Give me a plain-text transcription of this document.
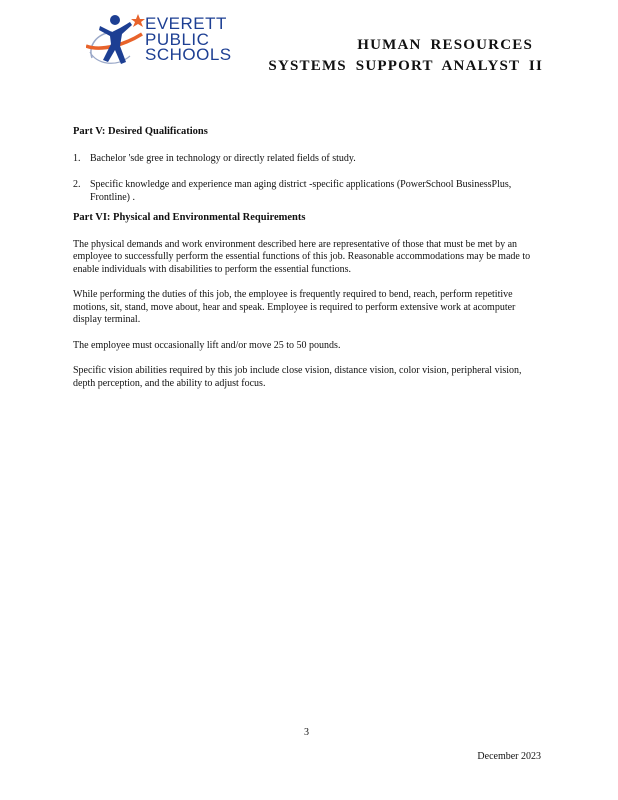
EVERETT
PUBLIC
SCHOOLS	HUMAN RESOURCES
SYSTEMS SUPPORT ANALYST II
Part V: Desired Qualifications
1. Bachelor 'sde gree in technology or directly related fields of study.
2. Specific knowledge and experience man aging district -specific applications (PowerSchool BusinessPlus, Frontline) .
Part VI: Physical and Environmental Requirements

The physical demands and work environment described here are representative of those that must be met by an employee to successfully perform the essential functions of this job. Reasonable accommodations may be made to enable individuals with disabilities to perform the essential functions.

While performing the duties of this job, the employee is frequently required to bend, reach, perform repetitive motions, sit, stand, move about, hear and speak. Employee is required to perform extensive work at acomputer display terminal.

The employee must occasionally lift and/or move 25 to 50 pounds.

Specific vision abilities required by this job include close vision, distance vision, color vision, peripheral vision, depth perception, and the ability to adjust focus.

3
December 2023
